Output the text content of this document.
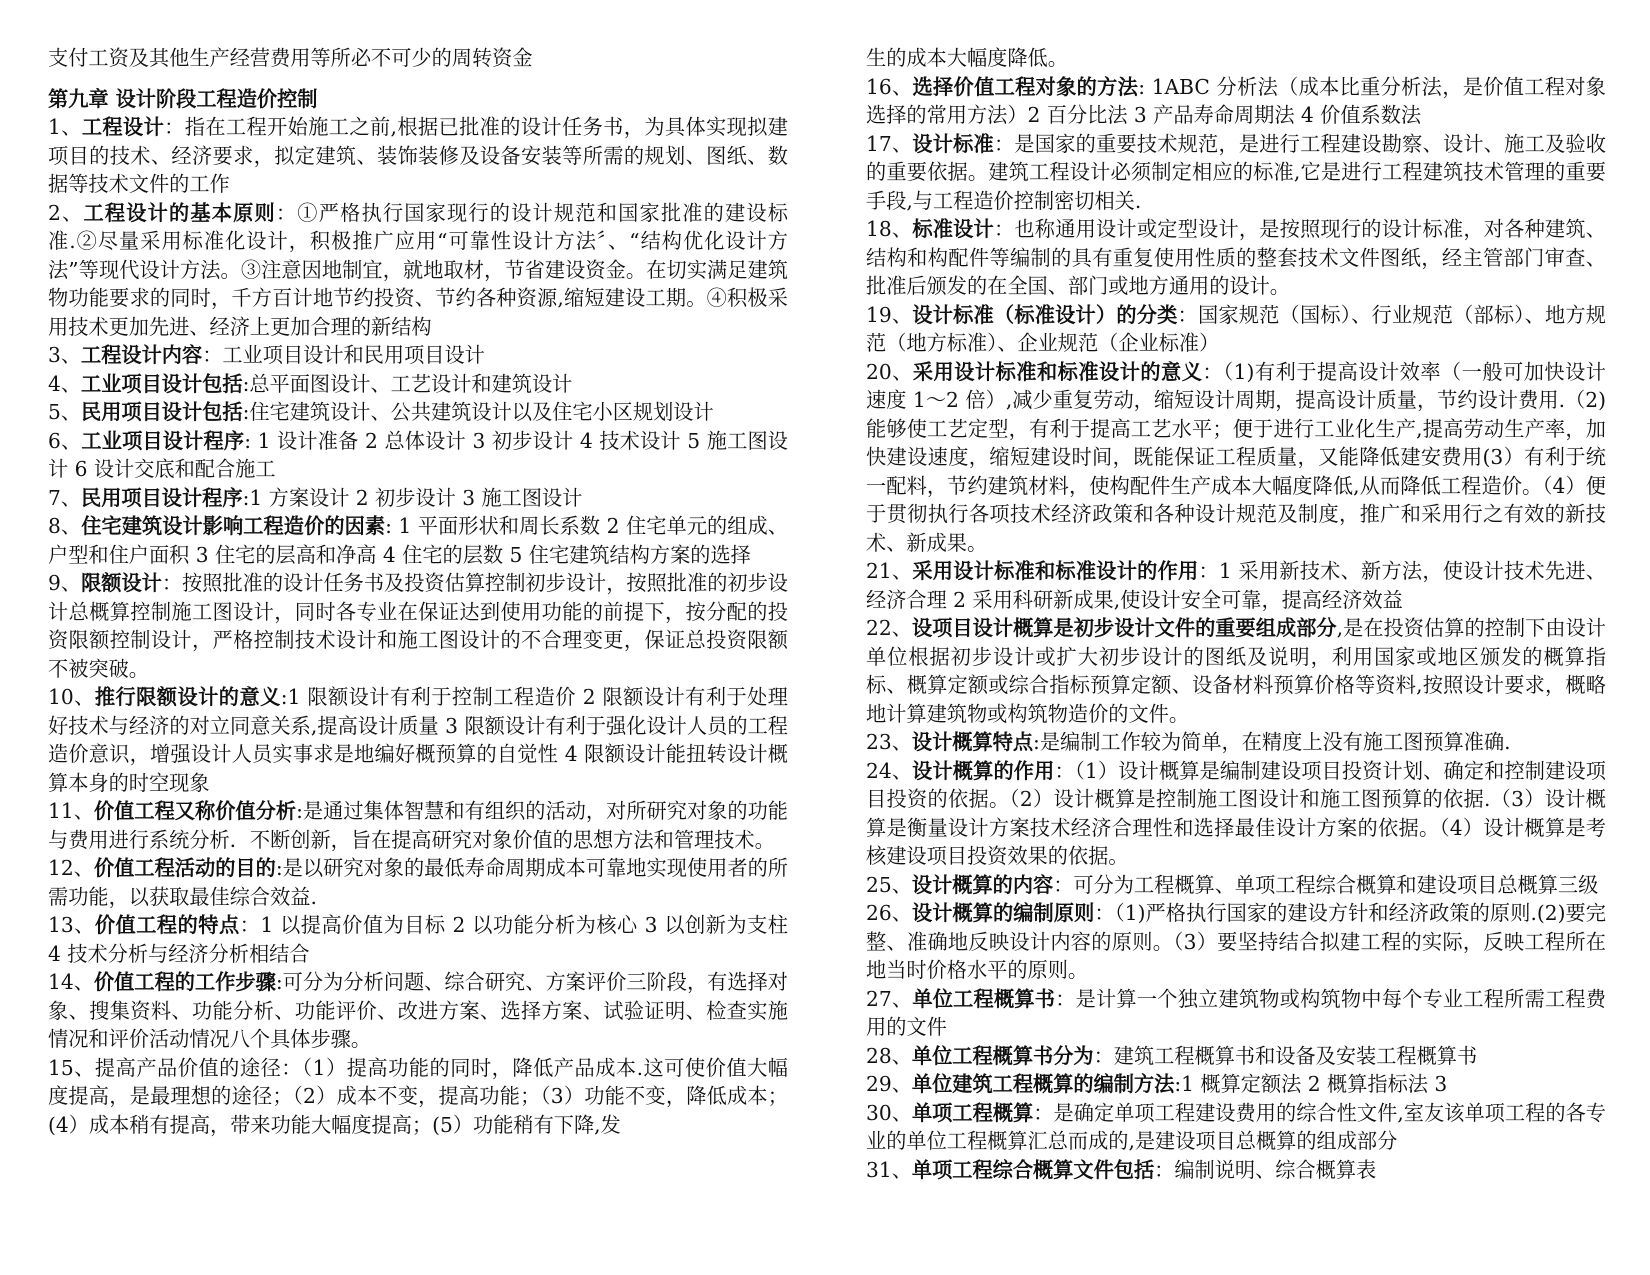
支付工资及其他生产经营费用等所必不可少的周转资金

第九章 设计阶段工程造价控制

1、工程设计：指在工程开始施工之前,根据已批准的设计任务书，为具体实现拟建项目的技术、经济要求，拟定建筑、装饰装修及设备安装等所需的规划、图纸、数据等技术文件的工作

2、工程设计的基本原则：①严格执行国家现行的设计规范和国家批准的建设标准.②尽量采用标准化设计，积极推广应用“可靠性设计方法〞、“结构优化设计方法”等现代设计方法。③注意因地制宜，就地取材，节省建设资金。在切实满足建筑物功能要求的同时，千方百计地节约投资、节约各种资源,缩短建设工期。④积极采用技术更加先进、经济上更加合理的新结构

3、工程设计内容：工业项目设计和民用项目设计

4、工业项目设计包括:总平面图设计、工艺设计和建筑设计

5、民用项目设计包括:住宅建筑设计、公共建筑设计以及住宅小区规划设计

6、工业项目设计程序: 1 设计准备 2 总体设计 3 初步设计 4 技术设计 5 施工图设计 6 设计交底和配合施工

7、民用项目设计程序:1 方案设计 2 初步设计 3 施工图设计

8、住宅建筑设计影响工程造价的因素: 1 平面形状和周长系数 2 住宅单元的组成、户型和住户面积 3 住宅的层高和净高 4 住宅的层数 5 住宅建筑结构方案的选择

9、限额设计：按照批准的设计任务书及投资估算控制初步设计，按照批准的初步设计总概算控制施工图设计，同时各专业在保证达到使用功能的前提下，按分配的投资限额控制设计，严格控制技术设计和施工图设计的不合理变更，保证总投资限额不被突破。

10、推行限额设计的意义:1 限额设计有利于控制工程造价 2 限额设计有利于处理好技术与经济的对立同意关系,提高设计质量 3 限额设计有利于强化设计人员的工程造价意识，增强设计人员实事求是地编好概预算的自觉性 4 限额设计能扭转设计概算本身的时空现象

11、价值工程又称价值分析:是通过集体智慧和有组织的活动，对所研究对象的功能与费用进行系统分析．不断创新，旨在提高研究对象价值的思想方法和管理技术。

12、价值工程活动的目的:是以研究对象的最低寿命周期成本可靠地实现使用者的所需功能，以获取最佳综合效益.

13、价值工程的特点：1 以提高价值为目标 2 以功能分析为核心 3 以创新为支柱 4 技术分析与经济分析相结合

14、价值工程的工作步骤:可分为分析问题、综合研究、方案评价三阶段，有选择对象、搜集资料、功能分析、功能评价、改进方案、选择方案、试验证明、检查实施情况和评价活动情况八个具体步骤。

15、提高产品价值的途径：（1）提高功能的同时，降低产品成本.这可使价值大幅度提高，是最理想的途径；（2）成本不变，提高功能；（3）功能不变，降低成本；(4）成本稍有提高，带来功能大幅度提高；(5）功能稍有下降,发

生的成本大幅度降低。

16、选择价值工程对象的方法: 1ABC 分析法（成本比重分析法，是价值工程对象选择的常用方法）2 百分比法 3 产品寿命周期法 4 价值系数法

17、设计标准：是国家的重要技术规范，是进行工程建设勘察、设计、施工及验收的重要依据。建筑工程设计必须制定相应的标准,它是进行工程建筑技术管理的重要手段,与工程造价控制密切相关.

18、标准设计：也称通用设计或定型设计，是按照现行的设计标准，对各种建筑、结构和构配件等编制的具有重复使用性质的整套技术文件图纸，经主管部门审查、批准后颁发的在全国、部门或地方通用的设计。

19、设计标准（标准设计）的分类：国家规范（国标）、行业规范（部标）、地方规范（地方标准）、企业规范（企业标准）

20、采用设计标准和标准设计的意义：（1)有利于提高设计效率（一般可加快设计速度 1～2 倍）,减少重复劳动，缩短设计周期，提高设计质量，节约设计费用.（2)能够使工艺定型，有利于提高工艺水平；便于进行工业化生产,提高劳动生产率，加快建设速度，缩短建设时间，既能保证工程质量，又能降低建安费用(3）有利于统一配料，节约建筑材料，使构配件生产成本大幅度降低,从而降低工程造价。（4）便于贯彻执行各项技术经济政策和各种设计规范及制度，推广和采用行之有效的新技术、新成果。

21、采用设计标准和标准设计的作用：1 采用新技术、新方法，使设计技术先进、经济合理 2 采用科研新成果,使设计安全可靠，提高经济效益

22、设项目设计概算是初步设计文件的重要组成部分,是在投资估算的控制下由设计单位根据初步设计或扩大初步设计的图纸及说明，利用国家或地区颁发的概算指标、概算定额或综合指标预算定额、设备材料预算价格等资料,按照设计要求，概略地计算建筑物或构筑物造价的文件。

23、设计概算特点:是编制工作较为简单，在精度上没有施工图预算准确.

24、设计概算的作用：（1）设计概算是编制建设项目投资计划、确定和控制建设项目投资的依据。（2）设计概算是控制施工图设计和施工图预算的依据.（3）设计概算是衡量设计方案技术经济合理性和选择最佳设计方案的依据。（4）设计概算是考核建设项目投资效果的依据。

25、设计概算的内容：可分为工程概算、单项工程综合概算和建设项目总概算三级

26、设计概算的编制原则：（1)严格执行国家的建设方针和经济政策的原则.(2)要完整、准确地反映设计内容的原则。（3）要坚持结合拟建工程的实际，反映工程所在地当时价格水平的原则。

27、单位工程概算书：是计算一个独立建筑物或构筑物中每个专业工程所需工程费用的文件

28、单位工程概算书分为：建筑工程概算书和设备及安装工程概算书

29、单位建筑工程概算的编制方法:1 概算定额法 2 概算指标法 3

30、单项工程概算：是确定单项工程建设费用的综合性文件,室友该单项工程的各专业的单位工程概算汇总而成的,是建设项目总概算的组成部分

31、单项工程综合概算文件包括：编制说明、综合概算表
